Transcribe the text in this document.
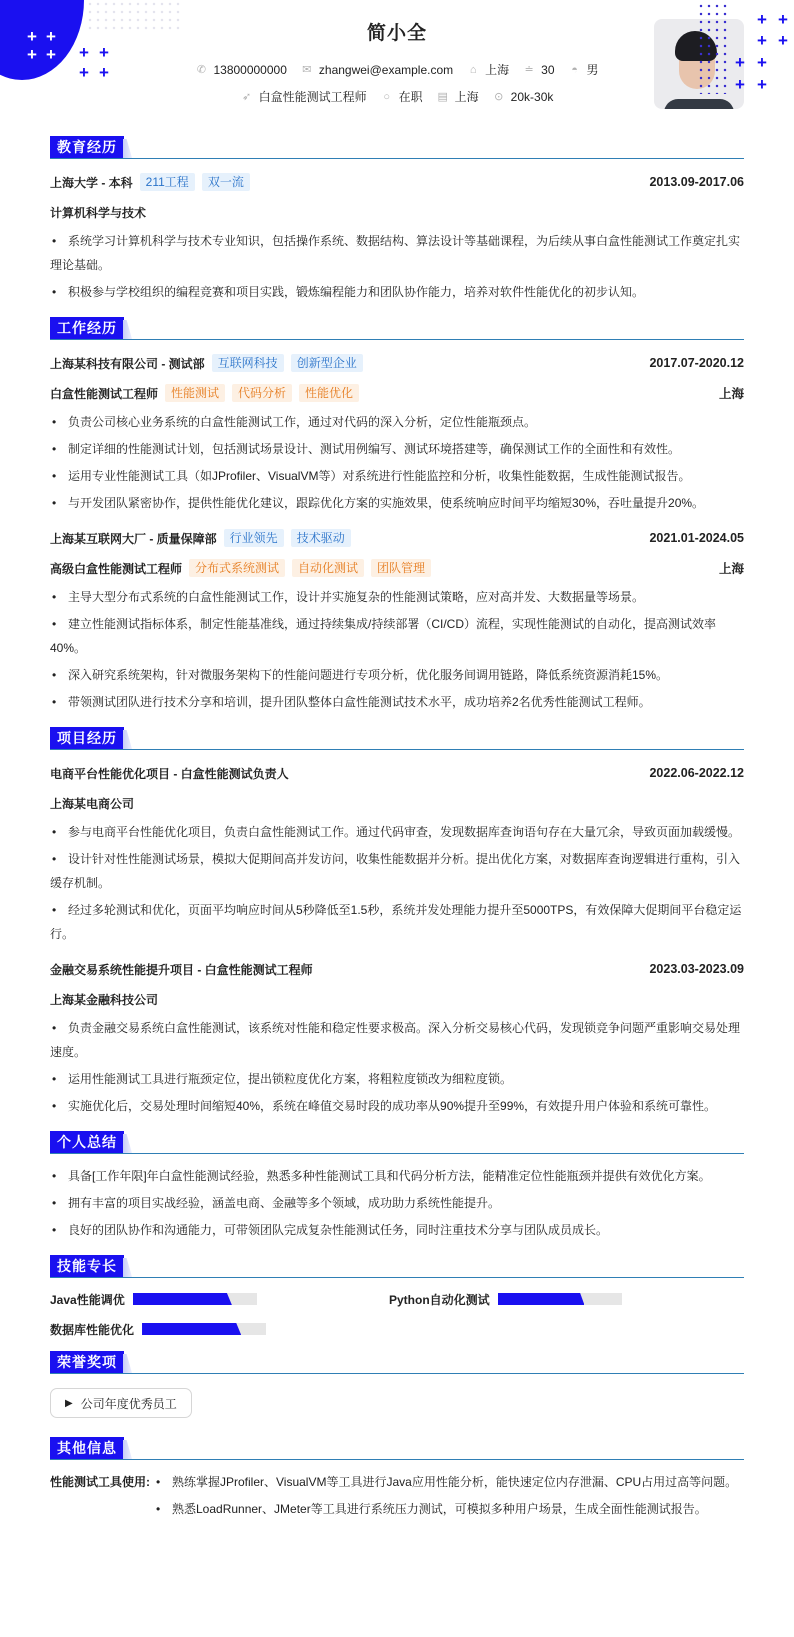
+ +
+ + + +
+ +
简小全
✆ 13800000000 ✉ zhangwei@example.com ⌂ 上海 ≐ 30 ◓ 男
➶ 白盒性能测试工程师 ○ 在职 ▤ 上海 ⊙ 20k-30k
+ +
+ +
+ +
+ +
教育经历
上海大学 - 本科	211工程	双一流	2013.09-2017.06
计算机科学与技术
• 系统学习计算机科学与技术专业知识，包括操作系统、数据结构、算法设计等基础课程，为后续从事白盒性能测试工作奠定扎实理论基础。
• 积极参与学校组织的编程竞赛和项目实践，锻炼编程能力和团队协作能力，培养对软件性能优化的初步认知。
工作经历
上海某科技有限公司 - 测试部	互联网科技	创新型企业	2017.07-2020.12
白盒性能测试工程师	性能测试	代码分析	性能优化	上海
• 负责公司核心业务系统的白盒性能测试工作，通过对代码的深入分析，定位性能瓶颈点。
• 制定详细的性能测试计划，包括测试场景设计、测试用例编写、测试环境搭建等，确保测试工作的全面性和有效性。
• 运用专业性能测试工具（如JProfiler、VisualVM等）对系统进行性能监控和分析，收集性能数据，生成性能测试报告。
• 与开发团队紧密协作，提供性能优化建议，跟踪优化方案的实施效果，使系统响应时间平均缩短30%，吞吐量提升20%。
上海某互联网大厂 - 质量保障部	行业领先	技术驱动	2021.01-2024.05
高级白盒性能测试工程师	分布式系统测试	自动化测试	团队管理	上海
• 主导大型分布式系统的白盒性能测试工作，设计并实施复杂的性能测试策略，应对高并发、大数据量等场景。
• 建立性能测试指标体系，制定性能基准线，通过持续集成/持续部署（CI/CD）流程，实现性能测试的自动化，提高测试效率40%。
• 深入研究系统架构，针对微服务架构下的性能问题进行专项分析，优化服务间调用链路，降低系统资源消耗15%。
• 带领测试团队进行技术分享和培训，提升团队整体白盒性能测试技术水平，成功培养2名优秀性能测试工程师。
项目经历
电商平台性能优化项目 - 白盒性能测试负责人	2022.06-2022.12
上海某电商公司
• 参与电商平台性能优化项目，负责白盒性能测试工作。通过代码审查，发现数据库查询语句存在大量冗余，导致页面加载缓慢。
• 设计针对性性能测试场景，模拟大促期间高并发访问，收集性能数据并分析。提出优化方案，对数据库查询逻辑进行重构，引入缓存机制。
• 经过多轮测试和优化，页面平均响应时间从5秒降低至1.5秒，系统并发处理能力提升至5000TPS，有效保障大促期间平台稳定运行。
金融交易系统性能提升项目 - 白盒性能测试工程师	2023.03-2023.09
上海某金融科技公司
• 负责金融交易系统白盒性能测试，该系统对性能和稳定性要求极高。深入分析交易核心代码，发现锁竞争问题严重影响交易处理速度。
• 运用性能测试工具进行瓶颈定位，提出锁粒度优化方案，将粗粒度锁改为细粒度锁。
• 实施优化后，交易处理时间缩短40%，系统在峰值交易时段的成功率从90%提升至99%，有效提升用户体验和系统可靠性。
个人总结
• 具备[工作年限]年白盒性能测试经验，熟悉多种性能测试工具和代码分析方法，能精准定位性能瓶颈并提供有效优化方案。
• 拥有丰富的项目实战经验，涵盖电商、金融等多个领域，成功助力系统性能提升。
• 良好的团队协作和沟通能力，可带领团队完成复杂性能测试任务，同时注重技术分享与团队成员成长。
技能专长
Java性能调优	Python自动化测试
数据库性能优化
荣誉奖项
▶ 公司年度优秀员工
其他信息
性能测试工具使用:	• 熟练掌握JProfiler、VisualVM等工具进行Java应用性能分析，能快速定位内存泄漏、CPU占用过高等问题。
• 熟悉LoadRunner、JMeter等工具进行系统压力测试，可模拟多种用户场景，生成全面性能测试报告。
